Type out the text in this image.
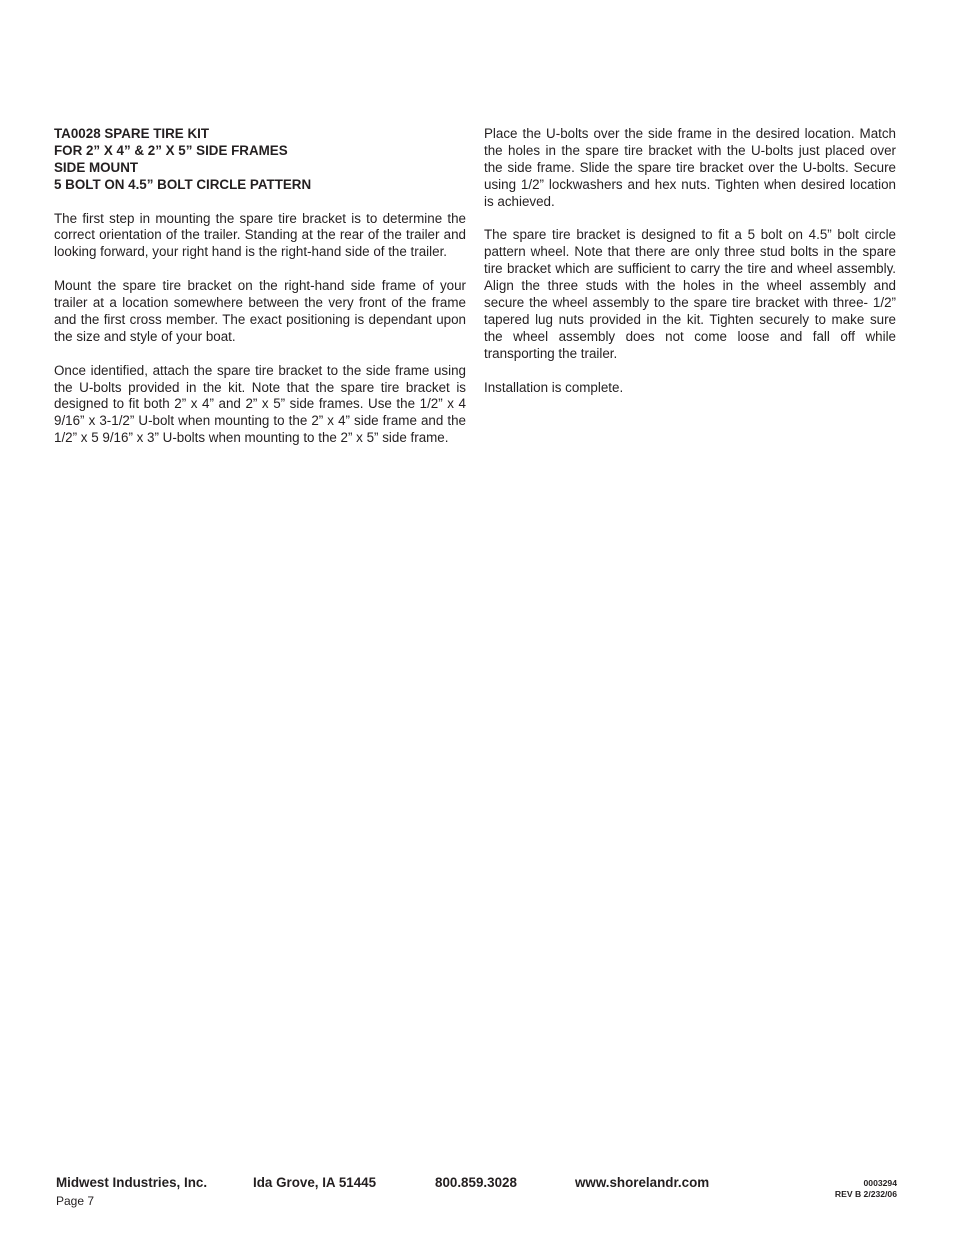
TA0028 SPARE TIRE KIT
FOR 2” X 4” & 2” X 5” SIDE FRAMES
SIDE MOUNT
5 BOLT ON 4.5” BOLT CIRCLE PATTERN

The first step in mounting the spare tire bracket is to determine the correct orientation of the trailer. Standing at the rear of the trailer and looking forward, your right hand is the right-hand side of the trailer.

Mount the spare tire bracket on the right-hand side frame of your trailer at a location somewhere between the very front of the frame and the first cross member. The exact positioning is dependant upon the size and style of your boat.

Once identified, attach the spare tire bracket to the side frame using the U-bolts provided in the kit. Note that the spare tire bracket is designed to fit both 2” x 4” and 2” x 5” side frames. Use the 1/2” x 4 9/16” x 3-1/2” U-bolt when mounting to the 2” x 4” side frame and the 1/2” x 5 9/16” x 3” U-bolts when mounting to the 2” x 5” side frame.

Place the U-bolts over the side frame in the desired location. Match the holes in the spare tire bracket with the U-bolts just placed over the side frame. Slide the spare tire bracket over the U-bolts. Secure using 1/2” lockwashers and hex nuts. Tighten when desired location is achieved.

The spare tire bracket is designed to fit a 5 bolt on 4.5” bolt circle pattern wheel. Note that there are only three stud bolts in the spare tire bracket which are sufficient to carry the tire and wheel assembly. Align the three studs with the holes in the wheel assembly and secure the wheel assembly to the spare tire bracket with three- 1/2” tapered lug nuts provided in the kit. Tighten securely to make sure the wheel assembly does not come loose and fall off while transporting the trailer.

Installation is complete.

Midwest Industries, Inc.	Ida Grove, IA 51445	800.859.3028	www.shorelandr.com
Page 7
0003294
REV B 2/232/06
